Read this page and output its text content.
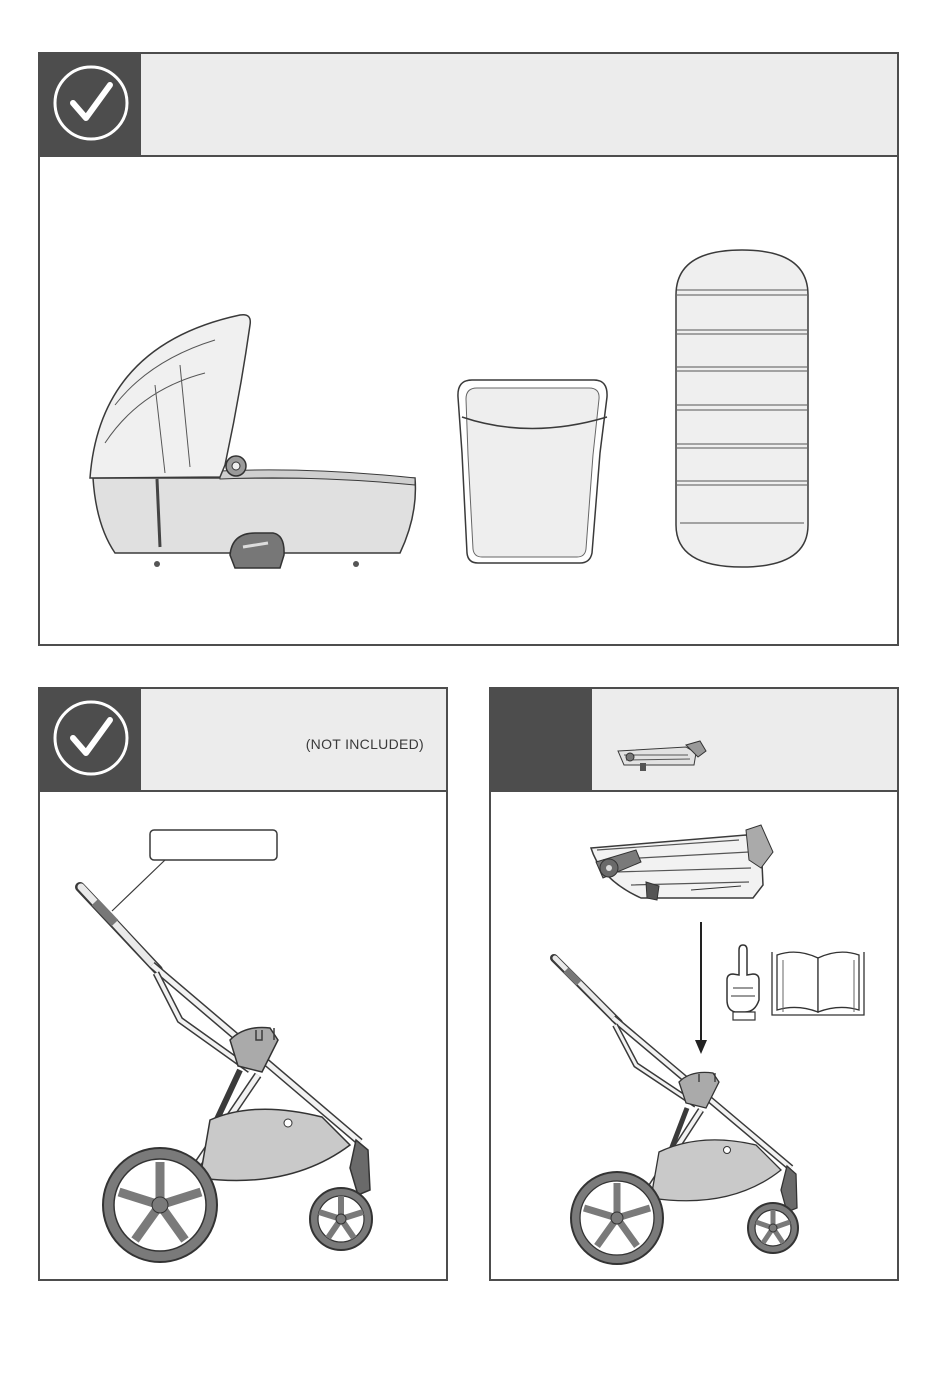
(NOT INCLUDED)
